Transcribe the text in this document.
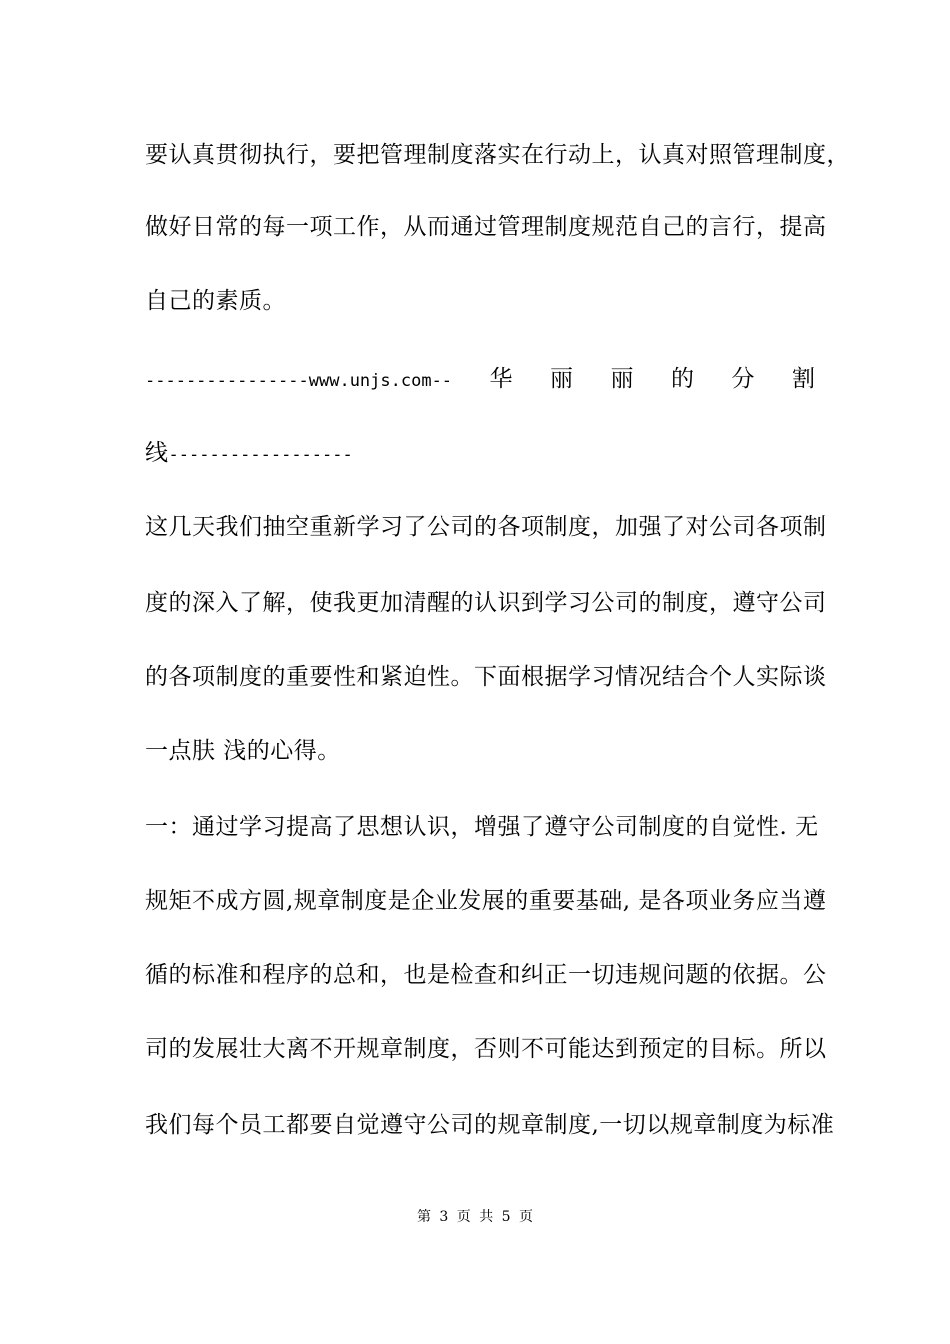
要认真贯彻执行，要把管理制度落实在行动上，认真对照管理制度，
做好日常的每一项工作，从而通过管理制度规范自己的言行，提高
自己的素质。
----------------www.unjs.com-- 华 丽 丽 的 分 割
线------------------
这几天我们抽空重新学习了公司的各项制度，加强了对公司各项制
度的深入了解，使我更加清醒的认识到学习公司的制度，遵守公司
的各项制度的重要性和紧迫性。下面根据学习情况结合个人实际谈
一点肤 浅的心得。
一：通过学习提高了思想认识，增强了遵守公司制度的自觉性. 无
规矩不成方圆,规章制度是企业发展的重要基础, 是各项业务应当遵
循的标准和程序的总和，也是检查和纠正一切违规问题的依据。公
司的发展壮大离不开规章制度，否则不可能达到预定的目标。所以
我们每个员工都要自觉遵守公司的规章制度,一切以规章制度为标准
第 3 页 共 5 页
